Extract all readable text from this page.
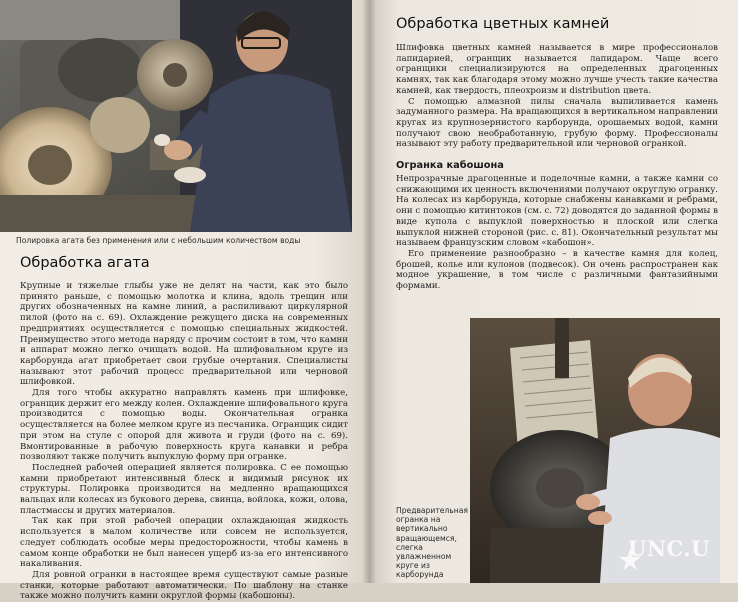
Полировка агата без применения или с небольшим количеством воды
Обработка агата

Крупные и тяжелые глыбы уже не делят на части, как это было принято раньше, с помощью молотка и клина, вдоль трещин или других обозначенных на камне линий, а распиливают циркулярной пилой (фото на с. 69). Охлаждение режущего диска на современных предприятиях осуществляется с помощью специальных жидкостей. Преимущество этого метода наряду с прочим состоит в том, что камни и аппарат можно легко очищать водой. На шлифовальном круге из карборунда агат приобретает свои грубые очертания. Специалисты называют этот рабочий процесс предварительной или черновой шлифовкой.

Для того чтобы аккуратно направлять камень при шлифовке, огранщик держит его между колен. Охлаждение шлифовального круга производится с помощью воды. Окончательная огранка осуществляется на более мелком круге из песчаника. Огранщик сидит при этом на стуле с опорой для живота и груди (фото на с. 69). Вмонтированные в рабочую поверхность круга канавки и ребра позволяют также получить выпуклую форму при огранке.

Последней рабочей операцией является полировка. С ее помощью камни приобретают интенсивный блеск и видимый рисунок их структуры. Полировка производится на медленно вращающихся вальцах или колесах из букового дерева, свинца, войлока, кожи, олова, пластмассы и других материалов.

Так как при этой рабочей операции охлаждающая жидкость используется в малом количестве или совсем не используется, следует соблюдать особые меры предосторожности, чтобы камень в самом конце обработки не был нанесен ущерб из-за его интенсивного накаливания.

Для ровной огранки в настоящее время существуют самые разные станки, которые работают автоматически. По шаблону на станке также можно получить камни округлой формы (кабошоны).

Обработка цветных камней

Шлифовка цветных камней называется в мире профессионалов лапидарией, огранщик называется лапидаром. Чаще всего огранщики специализируются на определенных драгоценных камнях, так как благодаря этому можно лучше учесть такие качества камней, как твердость, плеохроизм и distribution цвета.

С помощью алмазной пилы сначала выпиливается камень задуманного размера. На вращающихся в вертикальном направлении кругах из крупнозернистого карборунда, орошаемых водой, камни получают свою необработанную, грубую форму. Профессионалы называют эту работу предварительной или черновой огранкой.

Огранка кабошона

Непрозрачные драгоценные и поделочные камни, а также камни со снижающими их ценность включениями получают округлую огранку. На колесах из карборунда, которые снабжены канавками и ребрами, они с помощью китинтоков (см. с. 72) доводятся до заданной формы в виде купола с выпуклой поверхностью и плоской или слегка выпуклой нижней стороной (рис. с. 81). Окончательный результат мы называем французским словом «кабошон».

Его применение разнообразно – в качестве камня для колец, брошей, колье или кулонов (подвесок). Он очень распространен как модное украшение, в том числе с различными фантазийными формами.

Предварительная огранка на вертикально вращающемся, слегка увлажненном круге из карборунда
UNC.U
